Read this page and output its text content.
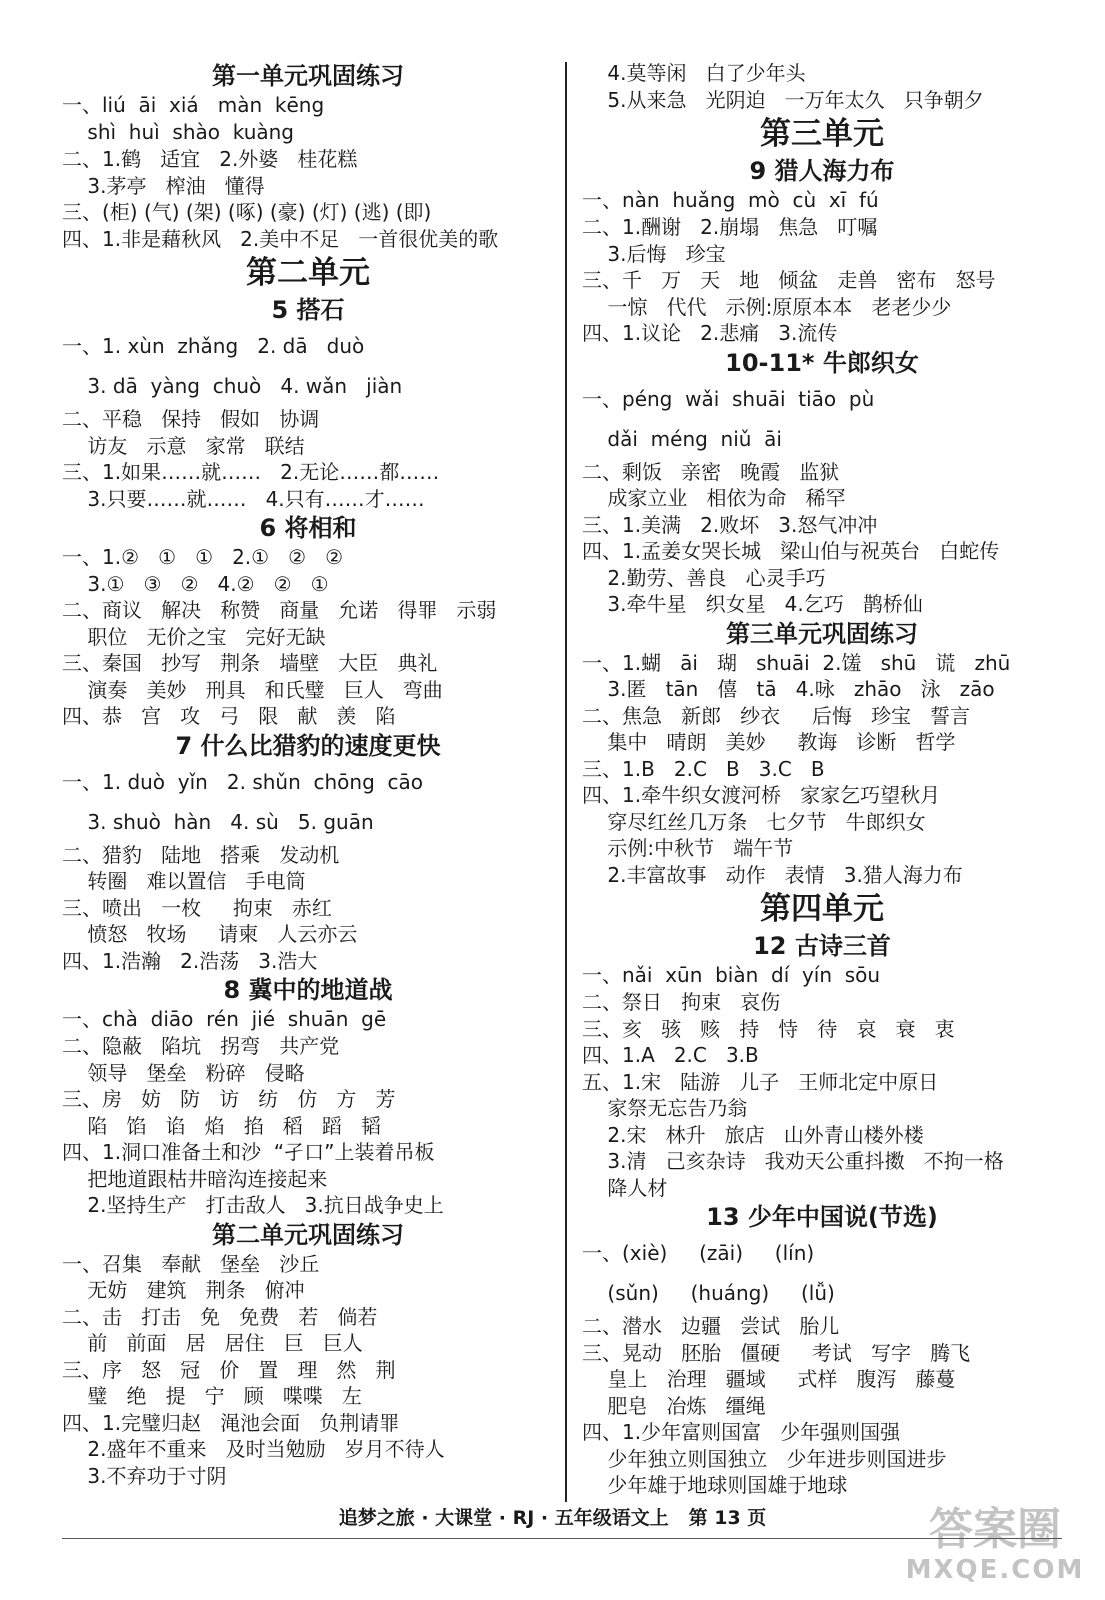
第一单元巩固练习
一、liú  āi  xiá   màn  kēng
shì  huì  shào  kuàng
二、1.鹤   适宜   2.外婆   桂花糕
3.茅亭   榨油   懂得
三、(柜) (气) (架) (啄) (豪) (灯) (逃) (即)
四、1.非是藉秋风   2.美中不足   一首很优美的歌
第二单元
5 搭石
一、1. xùn  zhǎng   2. dā   duò
3. dā  yàng  chuò   4. wǎn   jiàn
二、平稳   保持   假如   协调
访友   示意   家常   联结
三、1.如果……就……   2.无论……都……
3.只要……就……   4.只有……才……
6 将相和
一、1.②   ①   ①   2.①   ②   ②
3.①   ③   ②   4.②   ②   ①
二、商议   解决   称赞   商量   允诺   得罪   示弱
职位   无价之宝   完好无缺
三、秦国   抄写   荆条   墙壁   大臣   典礼
演奏   美妙   刑具   和氏璧   巨人   弯曲
四、恭   宫   攻   弓   限   献   羡   陷
7 什么比猎豹的速度更快
一、1. duò  yǐn   2. shǔn  chōng  cāo
3. shuò  hàn   4. sù   5. guān
二、猎豹   陆地   搭乘   发动机
转圈   难以置信   手电筒
三、喷出   一枚     拘束   赤红
愤怒   牧场     请柬   人云亦云
四、1.浩瀚   2.浩荡   3.浩大
8 冀中的地道战
一、chà  diāo  rén  jié  shuān  gē
二、隐蔽   陷坑   拐弯   共产党
领导   堡垒   粉碎   侵略
三、房   妨   防   访   纺   仿   方   芳
陷   馅   谄   焰   掐   稻   蹈   韬
四、1.洞口准备土和沙  “孑口”上装着吊板
把地道跟枯井暗沟连接起来
2.坚持生产   打击敌人   3.抗日战争史上
第二单元巩固练习
一、召集   奉献   堡垒   沙丘
无妨   建筑   荆条   俯冲
二、击   打击   免   免费   若   倘若
前   前面   居   居住   巨   巨人
三、序   怒   冠   价   置   理   然   荆
璧   绝   提   宁   顾   喋喋   左
四、1.完璧归赵   渑池会面   负荆请罪
2.盛年不重来   及时当勉励   岁月不待人
3.不弃功于寸阴
4.莫等闲   白了少年头
5.从来急   光阴迫   一万年太久   只争朝夕
第三单元
9 猎人海力布
一、nàn  huǎng  mò  cù  xī  fú
二、1.酬谢   2.崩塌   焦急   叮嘱
3.后悔   珍宝
三、千   万   天   地   倾盆   走兽   密布   怒号
一惊   代代   示例:原原本本   老老少少
四、1.议论   2.悲痛   3.流传
10-11* 牛郎织女
一、péng  wǎi  shuāi  tiāo  pù
dǎi  méng  niǔ  āi
二、剩饭   亲密   晚霞   监狱
成家立业   相依为命   稀罕
三、1.美满   2.败坏   3.怒气冲冲
四、1.孟姜女哭长城   梁山伯与祝英台   白蛇传
2.勤劳、善良   心灵手巧
3.牵牛星   织女星   4.乞巧   鹊桥仙
第三单元巩固练习
一、1.蝴   āi   瑚   shuāi  2.馐   shū   谎   zhū
3.匿   tān   僖   tā   4.咏   zhāo   泳   zāo
二、焦急   新郎   纱衣     后悔   珍宝   誓言
集中   晴朗   美妙     教诲   诊断   哲学
三、1.B   2.C   B   3.C   B
四、1.牵牛织女渡河桥   家家乞巧望秋月
穿尽红丝几万条   七夕节   牛郎织女
示例:中秋节   端午节
2.丰富故事   动作   表情   3.猎人海力布
第四单元
12 古诗三首
一、nǎi  xūn  biàn  dí  yín  sōu
二、祭日   拘束   哀伤
三、亥   骇   赅   持   恃   待   哀   衰   衷
四、1.A   2.C   3.B
五、1.宋   陆游   儿子   王师北定中原日
家祭无忘告乃翁
2.宋   林升   旅店   山外青山楼外楼
3.清   己亥杂诗   我劝天公重抖擞   不拘一格
降人材
13 少年中国说(节选)
一、(xiè)     (zāi)     (lín)
(sǔn)     (huáng)     (lǚ)
二、潜水   边疆   尝试   胎儿
三、晃动   胚胎   僵硬     考试   写字   腾飞
皇上   治理   疆域     式样   腹泻   藤蔓
肥皂   冶炼   缰绳
四、1.少年富则国富   少年强则国强
少年独立则国独立   少年进步则国进步
少年雄于地球则国雄于地球
追梦之旅 · 大课堂 · RJ · 五年级语文上   第 13 页	答案圈
MXQE.COM
